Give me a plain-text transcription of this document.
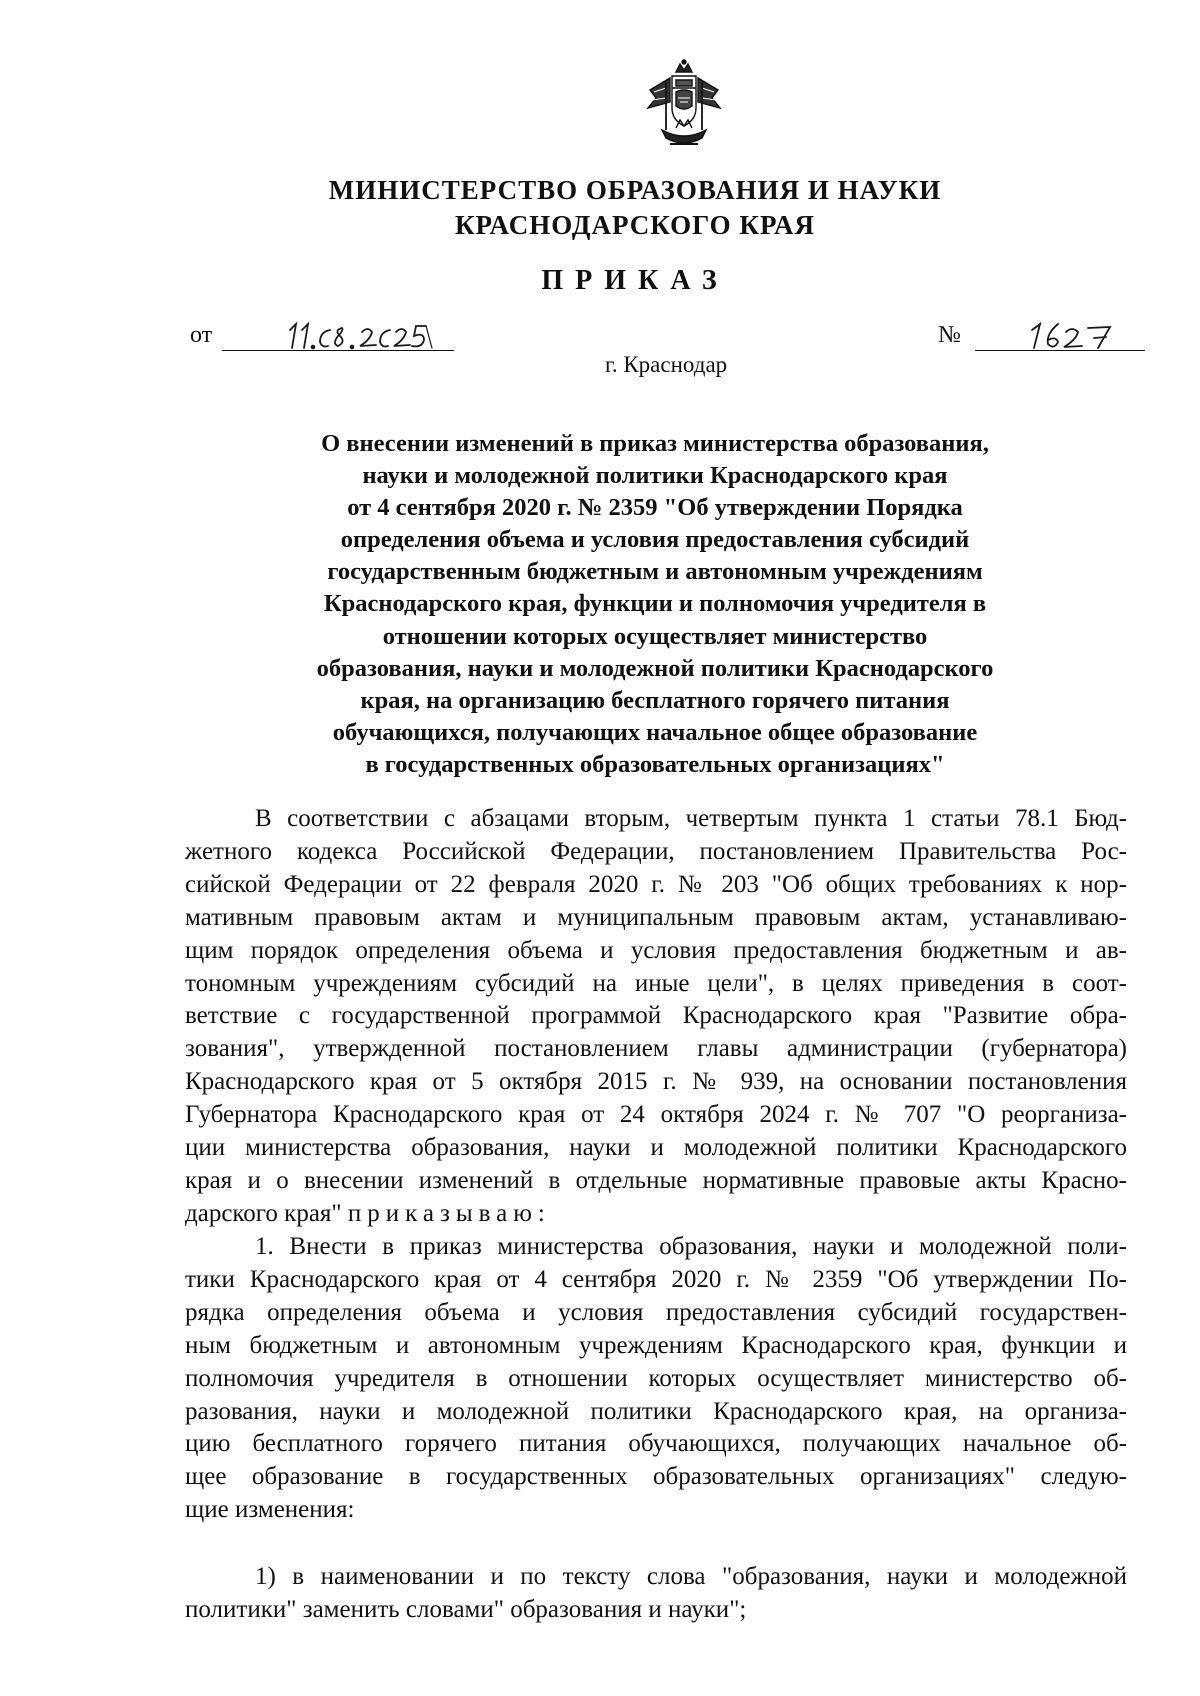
МИНИСТЕРСТВО ОБРАЗОВАНИЯ И НАУКИ
КРАСНОДАРСКОГО КРАЯ
ПРИКАЗ
от	№
г. Краснодар
О внесении изменений в приказ министерства образования,
науки и молодежной политики Краснодарского края
от 4 сентября 2020 г. № 2359 "Об утверждении Порядка
определения объема и условия предоставления субсидий
государственным бюджетным и автономным учреждениям
Краснодарского края, функции и полномочия учредителя в
отношении которых осуществляет министерство
образования, науки и молодежной политики Краснодарского
края, на организацию бесплатного горячего питания
обучающихся, получающих начальное общее образование
в государственных образовательных организациях"
В соответствии с абзацами вторым, четвертым пункта 1 статьи 78.1 Бюд-
жетного кодекса Российской Федерации, постановлением Правительства Рос-
сийской Федерации от 22 февраля 2020 г. № 203 "Об общих требованиях к нор-
мативным правовым актам и муниципальным правовым актам, устанавливаю-
щим порядок определения объема и условия предоставления бюджетным и ав-
тономным учреждениям субсидий на иные цели", в целях приведения в соот-
ветствие с государственной программой Краснодарского края "Развитие обра-
зования", утвержденной постановлением главы администрации (губернатора)
Краснодарского края от 5 октября 2015 г. № 939, на основании постановления
Губернатора Краснодарского края от 24 октября 2024 г. № 707 "О реорганиза-
ции министерства образования, науки и молодежной политики Краснодарского
края и о внесении изменений в отдельные нормативные правовые акты Красно-
дарского края" приказываю:
1. Внести в приказ министерства образования, науки и молодежной поли-
тики Краснодарского края от 4 сентября 2020 г. № 2359 "Об утверждении По-
рядка определения объема и условия предоставления субсидий государствен-
ным бюджетным и автономным учреждениям Краснодарского края, функции и
полномочия учредителя в отношении которых осуществляет министерство об-
разования, науки и молодежной политики Краснодарского края, на организа-
цию бесплатного горячего питания обучающихся, получающих начальное об-
щее образование в государственных образовательных организациях" следую-
щие изменения:
1) в наименовании и по тексту слова "образования, науки и молодежной
политики" заменить словами" образования и науки";
